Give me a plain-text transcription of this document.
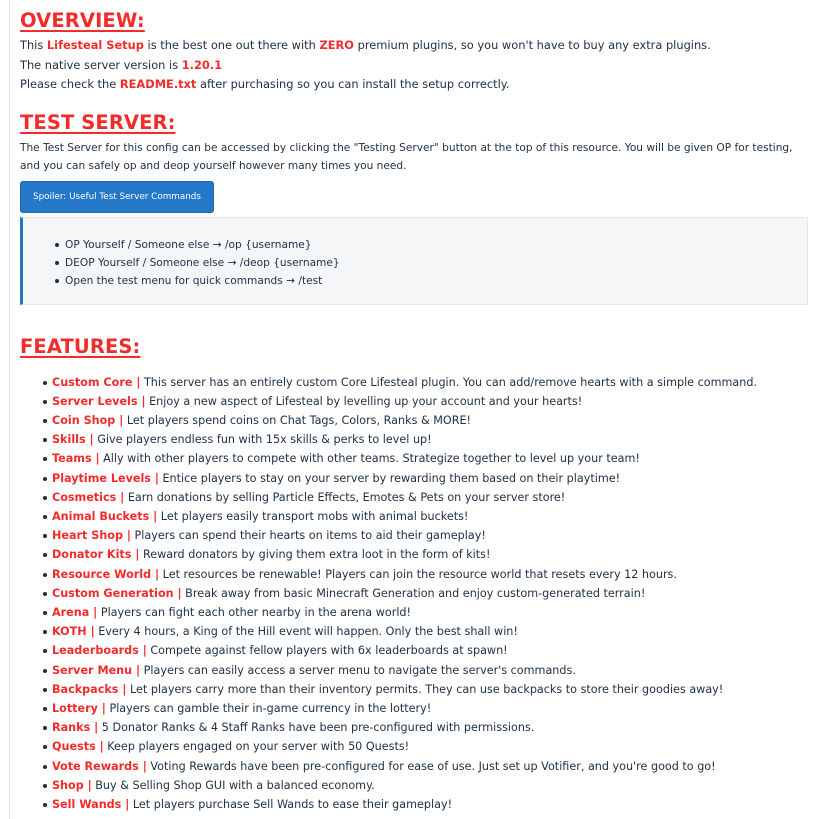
OVERVIEW:

This Lifesteal Setup is the best one out there with ZERO premium plugins, so you won't have to buy any extra plugins.

The native server version is 1.20.1

Please check the README.txt after purchasing so you can install the setup correctly.

TEST SERVER:

The Test Server for this config can be accessed by clicking the "Testing Server" button at the top of this resource. You will be given OP for testing, and you can safely op and deop yourself however many times you need.

Spoiler: Useful Test Server Commands
OP Yourself / Someone else → /op {username}
DEOP Yourself / Someone else → /deop {username}
Open the test menu for quick commands → /test
FEATURES:
Custom Core | This server has an entirely custom Core Lifesteal plugin. You can add/remove hearts with a simple command.
Server Levels | Enjoy a new aspect of Lifesteal by levelling up your account and your hearts!
Coin Shop | Let players spend coins on Chat Tags, Colors, Ranks & MORE!
Skills | Give players endless fun with 15x skills & perks to level up!
Teams | Ally with other players to compete with other teams. Strategize together to level up your team!
Playtime Levels | Entice players to stay on your server by rewarding them based on their playtime!
Cosmetics | Earn donations by selling Particle Effects, Emotes & Pets on your server store!
Animal Buckets | Let players easily transport mobs with animal buckets!
Heart Shop | Players can spend their hearts on items to aid their gameplay!
Donator Kits | Reward donators by giving them extra loot in the form of kits!
Resource World | Let resources be renewable! Players can join the resource world that resets every 12 hours.
Custom Generation | Break away from basic Minecraft Generation and enjoy custom-generated terrain!
Arena | Players can fight each other nearby in the arena world!
KOTH | Every 4 hours, a King of the Hill event will happen. Only the best shall win!
Leaderboards | Compete against fellow players with 6x leaderboards at spawn!
Server Menu | Players can easily access a server menu to navigate the server's commands.
Backpacks | Let players carry more than their inventory permits. They can use backpacks to store their goodies away!
Lottery | Players can gamble their in-game currency in the lottery!
Ranks | 5 Donator Ranks & 4 Staff Ranks have been pre-configured with permissions.
Quests | Keep players engaged on your server with 50 Quests!
Vote Rewards | Voting Rewards have been pre-configured for ease of use. Just set up Votifier, and you're good to go!
Shop | Buy & Selling Shop GUI with a balanced economy.
Sell Wands | Let players purchase Sell Wands to ease their gameplay!
